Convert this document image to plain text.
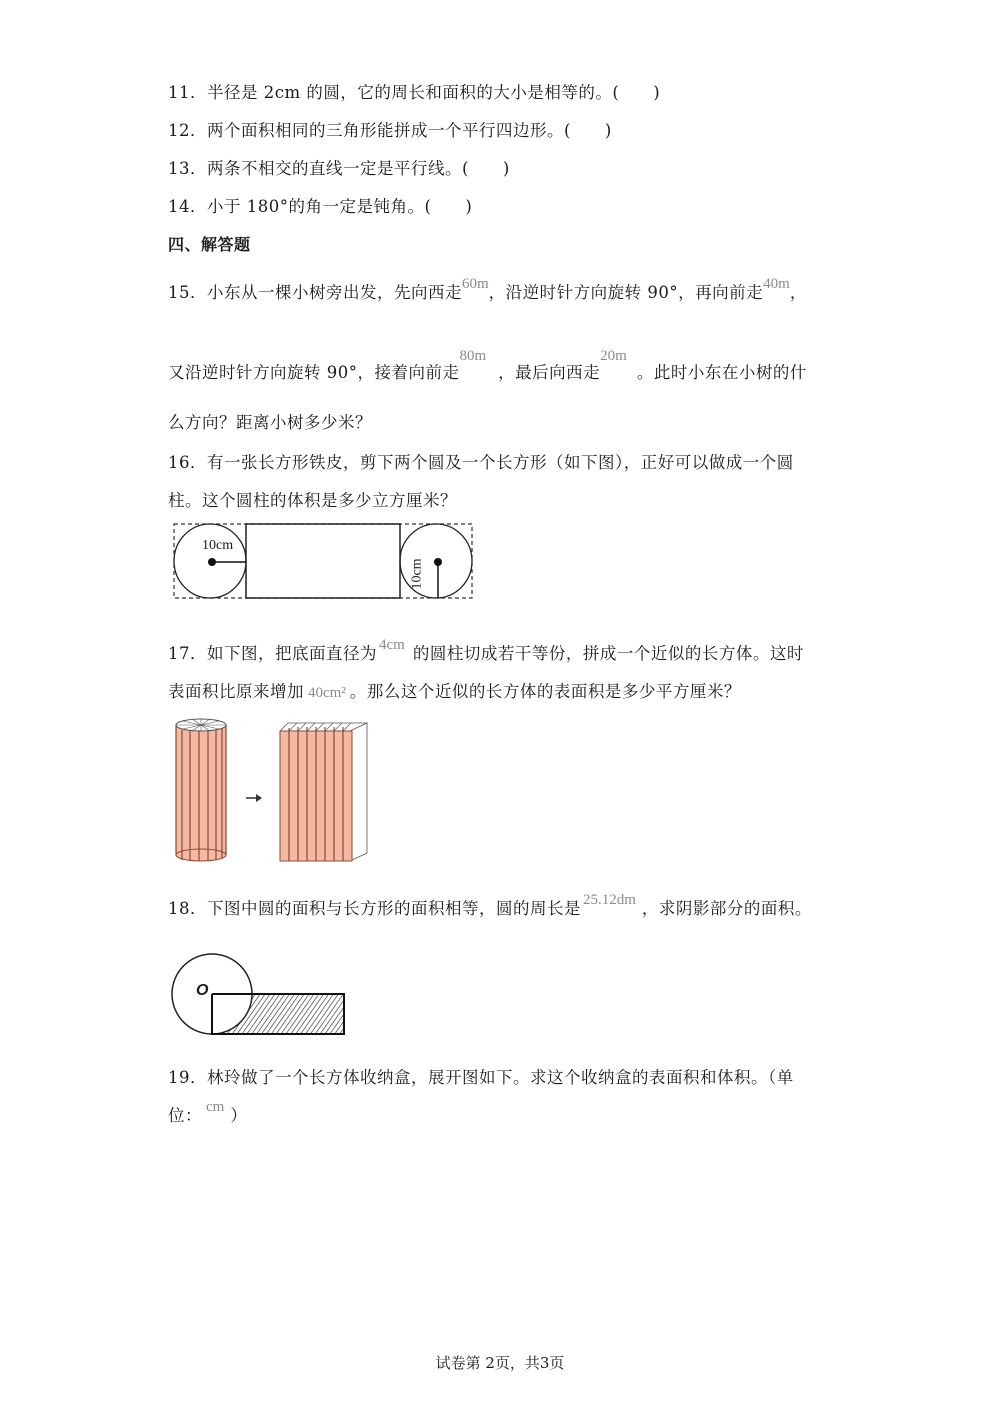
11．半径是 2cm 的圆，它的周长和面积的大小是相等的。(　　)
12．两个面积相同的三角形能拼成一个平行四边形。(　　)
13．两条不相交的直线一定是平行线。(　　)
14．小于 180°的角一定是钝角。(　　)
四、解答题
15．小东从一棵小树旁出发，先向西走60m，沿逆时针方向旋转 90°，再向前走40m，
又沿逆时针方向旋转 90°，接着向前走80m，最后向西走20m。此时小东在小树的什
么方向？距离小树多少米？
16．有一张长方形铁皮，剪下两个圆及一个长方形（如下图），正好可以做成一个圆
柱。这个圆柱的体积是多少立方厘米？
10cm
10cm
17．如下图，把底面直径为 4cm 的圆柱切成若干等份，拼成一个近似的长方体。这时
表面积比原来增加 40cm² 。那么这个近似的长方体的表面积是多少平方厘米？
18．下图中圆的面积与长方形的面积相等，圆的周长是 25.12dm ，求阴影部分的面积。
O
19．林玲做了一个长方体收纳盒，展开图如下。求这个收纳盒的表面积和体积。（单
位： cm ）
试卷第 2页，共3页
